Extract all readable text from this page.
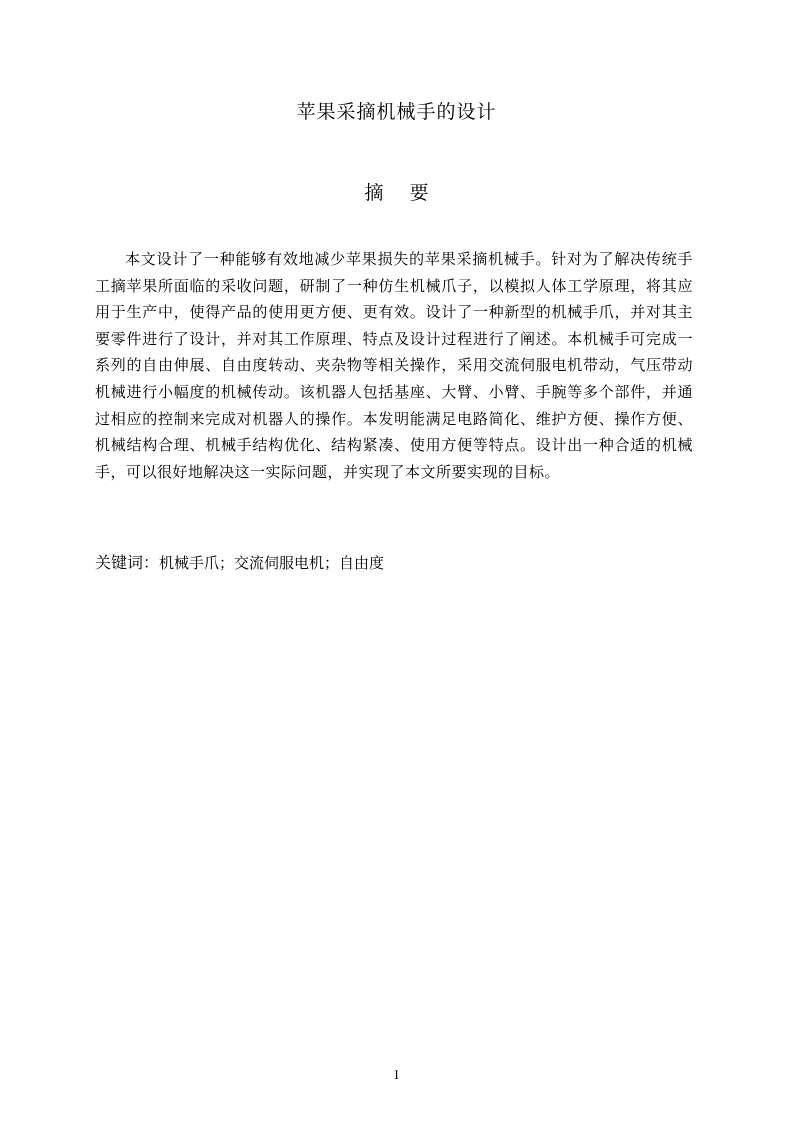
苹果采摘机械手的设计
摘要

本文设计了一种能够有效地减少苹果损失的苹果采摘机械手。针对为了解决传统手工摘苹果所面临的采收问题，研制了一种仿生机械爪子，以模拟人体工学原理，将其应用于生产中，使得产品的使用更方便、更有效。设计了一种新型的机械手爪，并对其主要零件进行了设计，并对其工作原理、特点及设计过程进行了阐述。本机械手可完成一系列的自由伸展、自由度转动、夹杂物等相关操作，采用交流伺服电机带动，气压带动机械进行小幅度的机械传动。该机器人包括基座、大臂、小臂、手腕等多个部件，并通过相应的控制来完成对机器人的操作。本发明能满足电路简化、维护方便、操作方便、机械结构合理、机械手结构优化、结构紧凑、使用方便等特点。设计出一种合适的机械手，可以很好地解决这一实际问题，并实现了本文所要实现的目标。

关键词：机械手爪；交流伺服电机；自由度

I
